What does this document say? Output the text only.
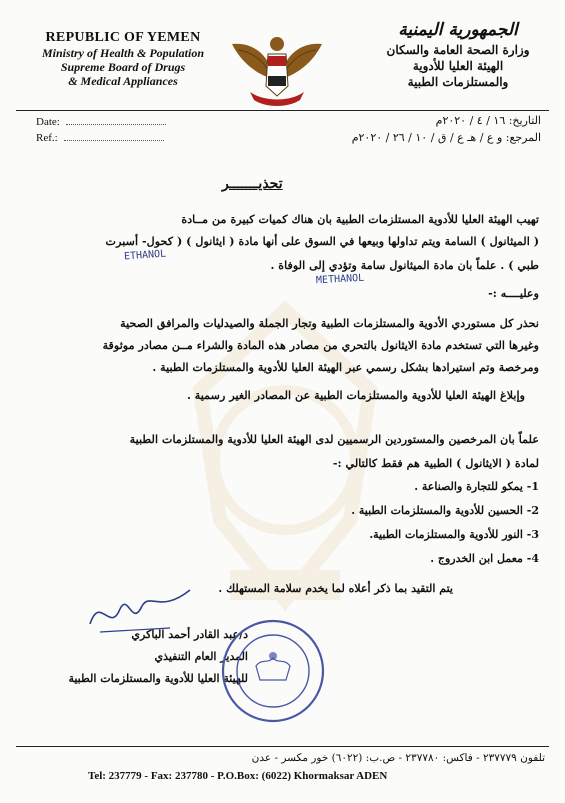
REPUBLIC OF YEMEN
Ministry of Health & Population
Supreme Board of Drugs
& Medical Appliances
الجمهورية اليمنية
وزارة الصحة العامة والسكان
الهيئة العليا للأدوية
والمستلزمات الطبية
Date:
Ref.:
التاريخ: ١٦ / ٤ / ٢٠٢٠م
المرجع: و ع / هـ ع / ق / ١٠ / ٢٦ / ٢٠٢٠م
تحذيـــــــر
تهيب الهيئة العليا للأدوية المستلزمات الطبية بان هناك كميات كبيرة من مــادة
( الميثانول ) السامة ويتم تداولها وبيعها في السوق على أنها مادة ( ايثانول ) ( كحول- أسبرت
ETHANOL
طبي ) . علماً بان مادة الميثانول سامة وتؤدي إلى الوفاة .
METHANOL
وعليــــه :-
نحذر كل مستوردي الأدوية والمستلزمات الطبية وتجار الجملة والصيدليات والمرافق الصحية
وغيرها التي تستخدم مادة الايثانول بالتحري من مصادر هذه المادة والشراء مــن مصادر موثوقة
ومرخصة وتم استيرادها بشكل رسمي عبر الهيئة العليا للأدوية والمستلزمات الطبية .
وإبلاغ الهيئة العليا للأدوية والمستلزمات الطبية عن المصادر الغير رسمية .
علماً بان المرخصين والمستوردين الرسميين لدى الهيئة العليا للأدوية والمستلزمات الطبية
لمادة ( الايثانول ) الطبية هم فقط كالتالي :-
1- يمكو للتجارة والصناعة .
2- الحسين للأدوية والمستلزمات الطبية .
3- النور للأدوية والمستلزمات الطبية.
4- معمل ابن الخدروج .
يتم التقيد بما ذكر أعلاه لما يخدم سلامة المستهلك .
د/عبد القادر أحمد الباكري
المدير العام التنفيذي
للهيئة العليا للأدوية والمستلزمات الطبية
تلفون ٢٣٧٧٧٩ - فاكس: ٢٣٧٧٨٠ - ص.ب: (٦٠٢٢) خور مكسر - عدن
Tel: 237779 - Fax: 237780 - P.O.Box: (6022) Khormaksar ADEN
